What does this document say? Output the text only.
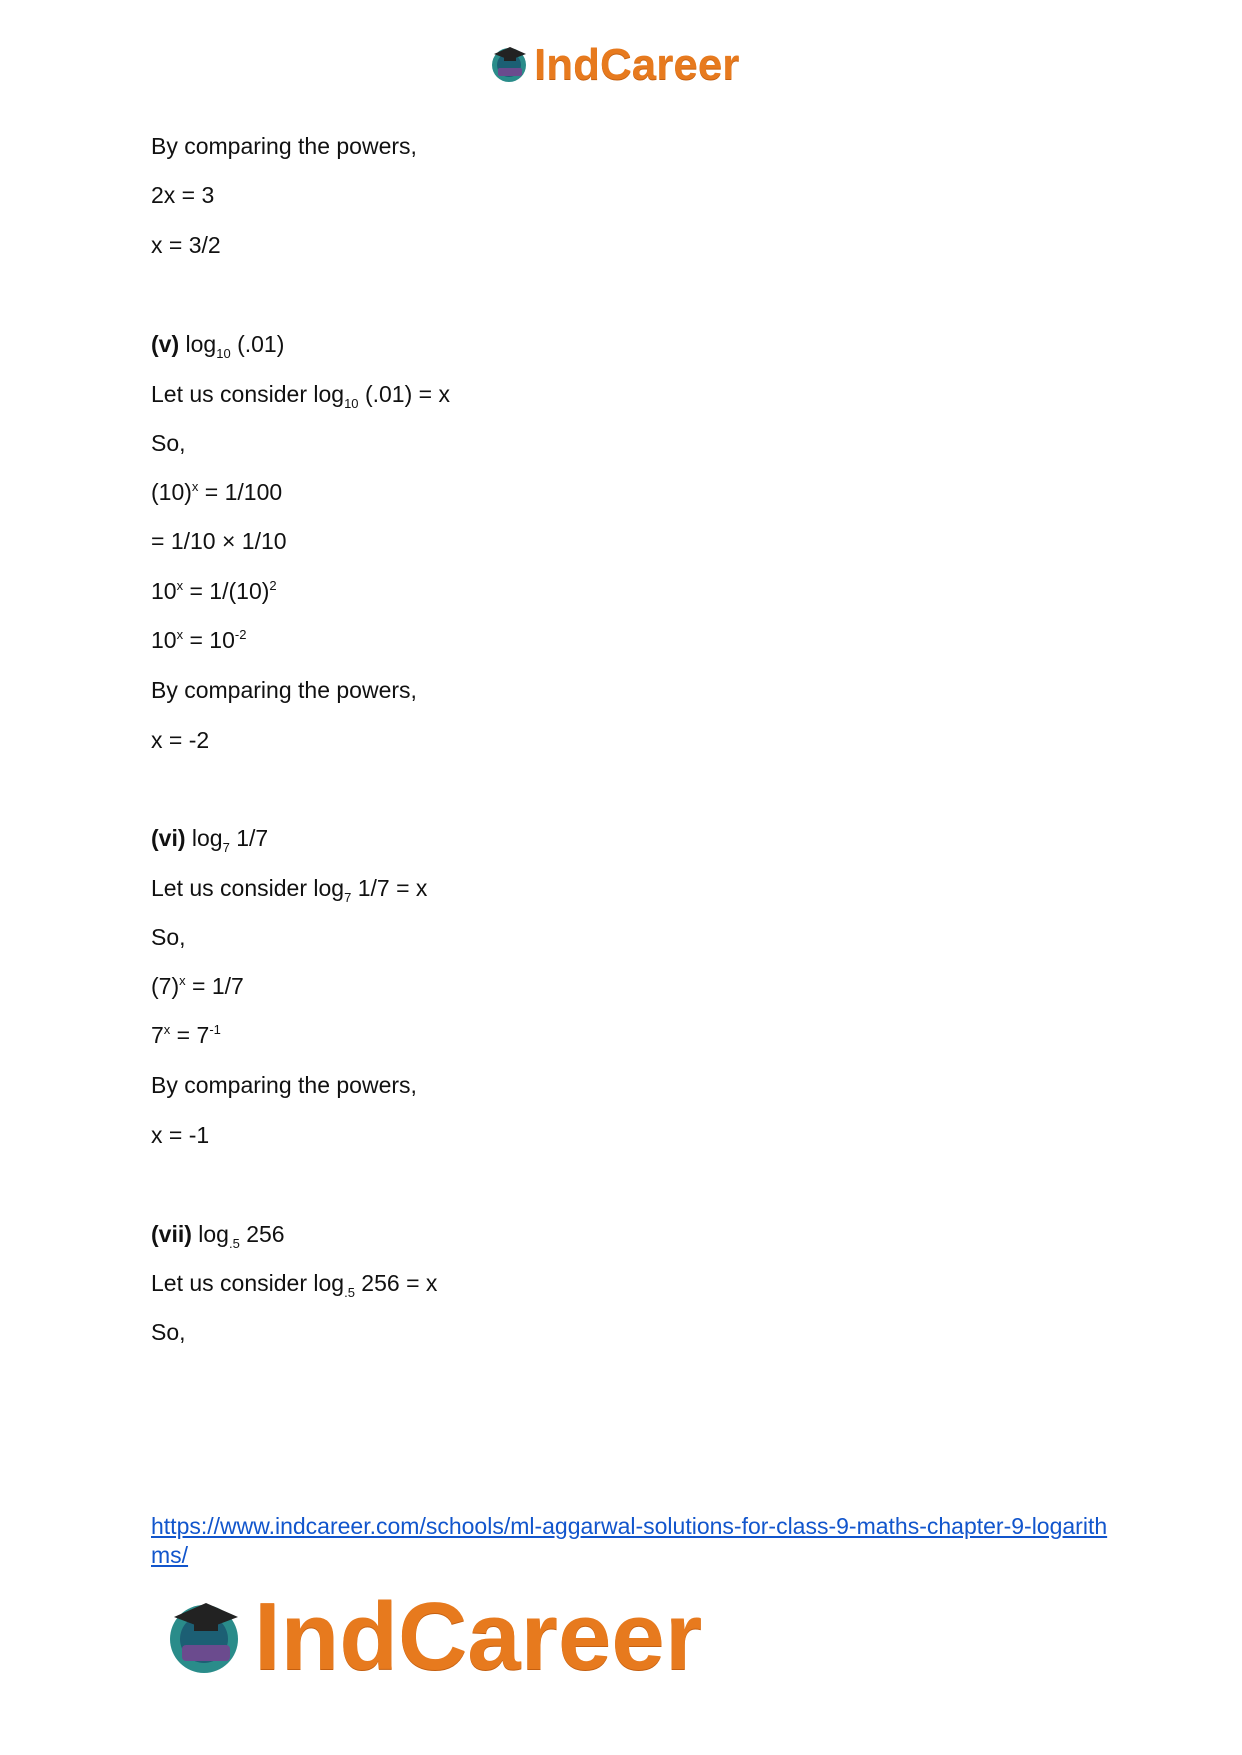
IndCareer
By comparing the powers,
2x = 3
x = 3/2
(v) $\log_{10} (.01)$
Let us consider $\log_{10} (.01) = x$
So,
$(10)^x = 1/100$
= 1/10 × 1/10
$10^x = 1/(10)^2$
$10^x = 10^{-2}$
By comparing the powers,
x = -2
(vi) $\log_7 1/7$
Let us consider $\log_7 1/7 = x$
So,
$(7)^x = 1/7$
$7^x = 7^{-1}$
By comparing the powers,
x = -1
(vii) $\log_{.5} 256$
Let us consider $\log_{.5} 256 = x$
So,
https://www.indcareer.com/schools/ml-aggarwal-solutions-for-class-9-maths-chapter-9-logarithms/
IndCareer
